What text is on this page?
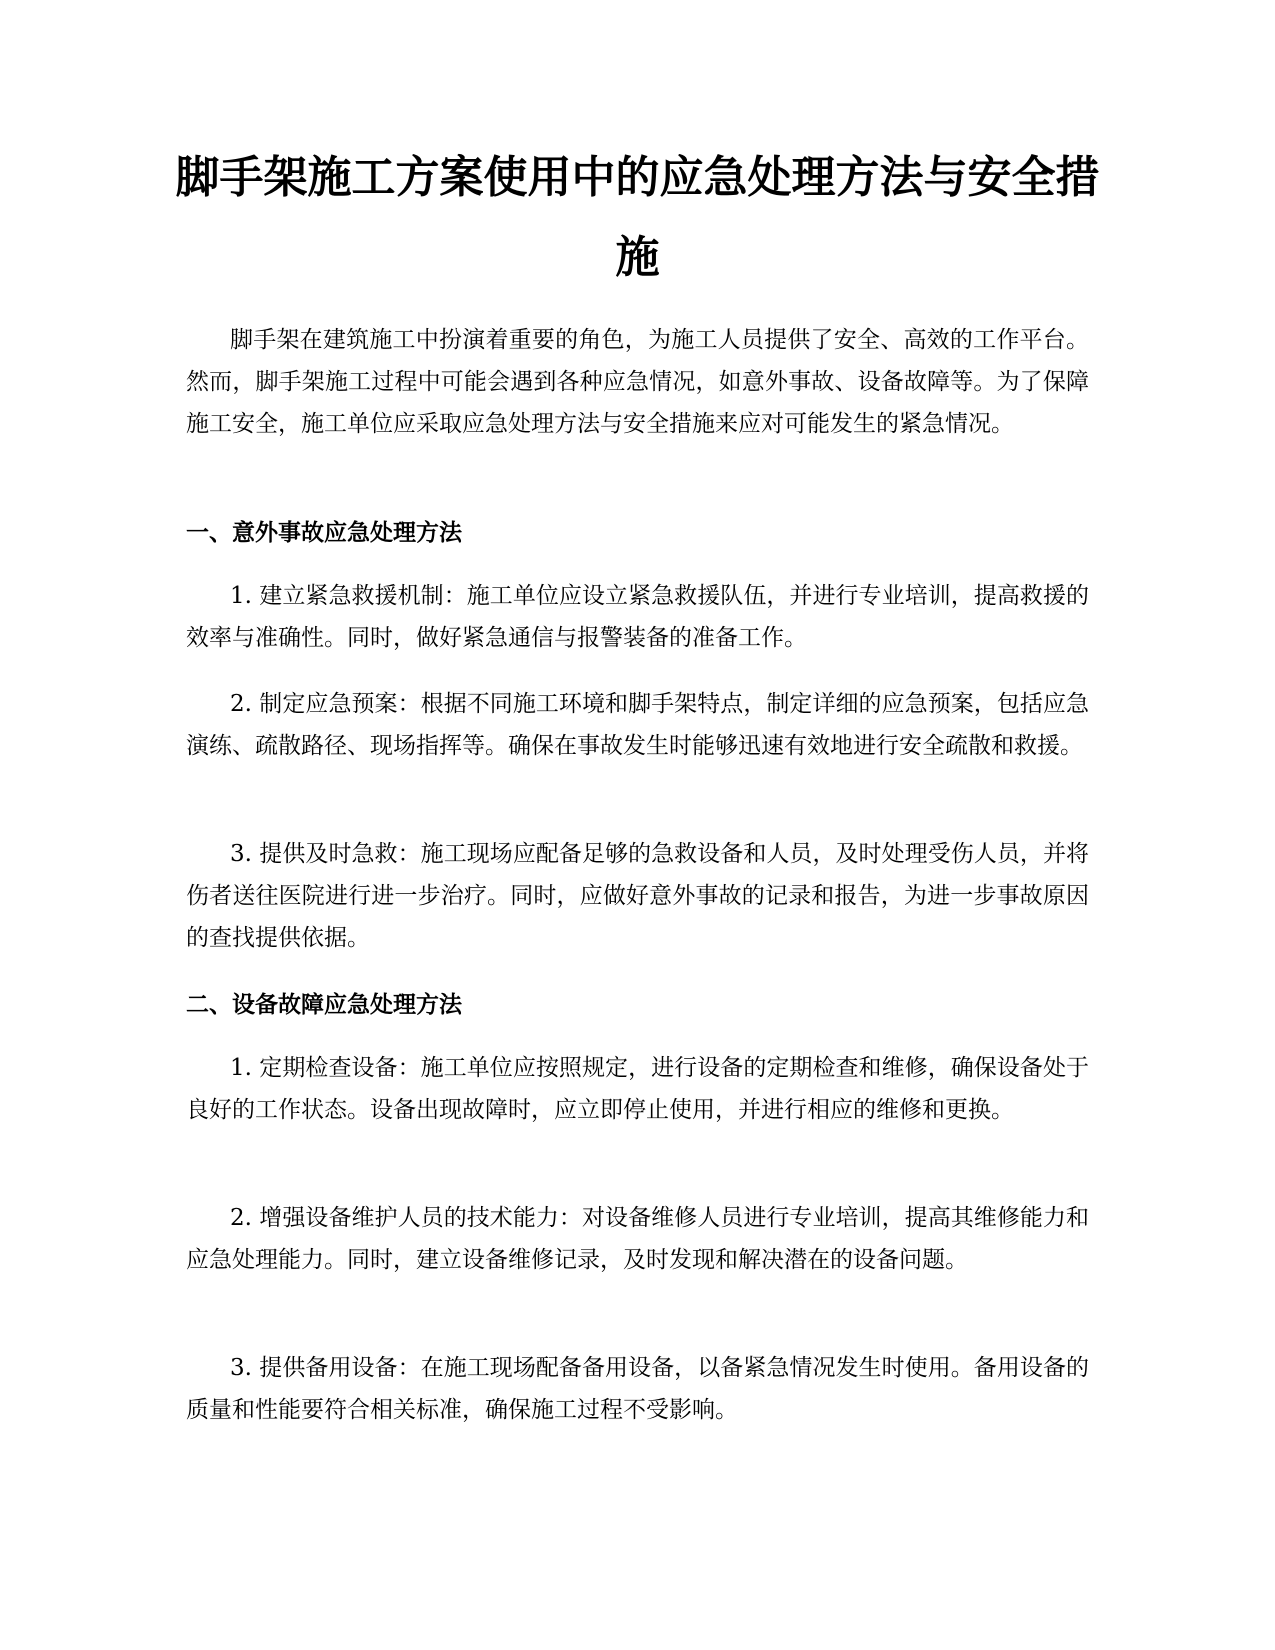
脚手架施工方案使用中的应急处理方法与安全措施

脚手架在建筑施工中扮演着重要的角色，为施工人员提供了安全、高效的工作平台。然而，脚手架施工过程中可能会遇到各种应急情况，如意外事故、设备故障等。为了保障施工安全，施工单位应采取应急处理方法与安全措施来应对可能发生的紧急情况。

一、意外事故应急处理方法

1. 建立紧急救援机制：施工单位应设立紧急救援队伍，并进行专业培训，提高救援的效率与准确性。同时，做好紧急通信与报警装备的准备工作。

2. 制定应急预案：根据不同施工环境和脚手架特点，制定详细的应急预案，包括应急演练、疏散路径、现场指挥等。确保在事故发生时能够迅速有效地进行安全疏散和救援。

3. 提供及时急救：施工现场应配备足够的急救设备和人员，及时处理受伤人员，并将伤者送往医院进行进一步治疗。同时，应做好意外事故的记录和报告，为进一步事故原因的查找提供依据。

二、设备故障应急处理方法

1. 定期检查设备：施工单位应按照规定，进行设备的定期检查和维修，确保设备处于良好的工作状态。设备出现故障时，应立即停止使用，并进行相应的维修和更换。

2. 增强设备维护人员的技术能力：对设备维修人员进行专业培训，提高其维修能力和应急处理能力。同时，建立设备维修记录，及时发现和解决潜在的设备问题。

3. 提供备用设备：在施工现场配备备用设备，以备紧急情况发生时使用。备用设备的质量和性能要符合相关标准，确保施工过程不受影响。
